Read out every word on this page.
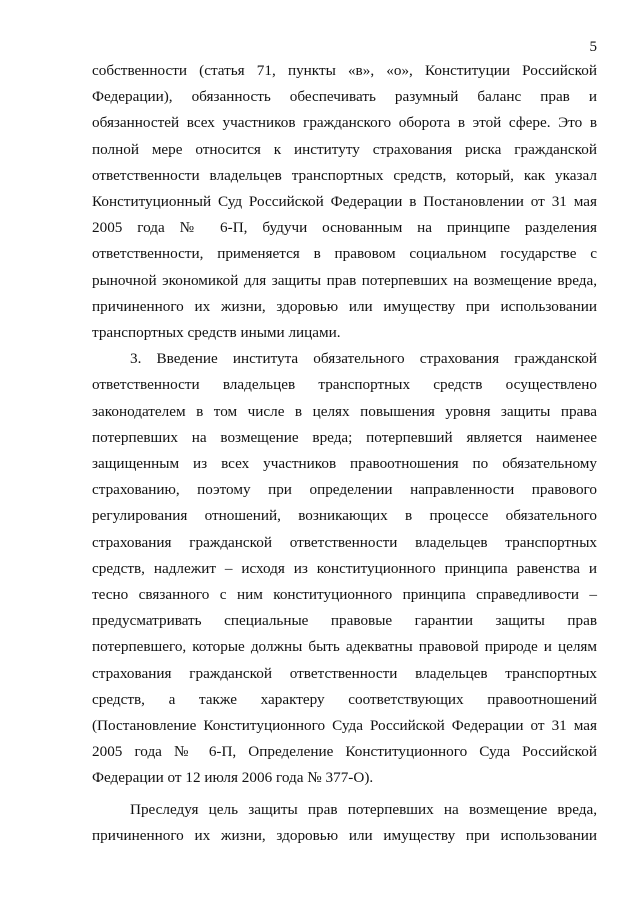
5

собственности (статья 71, пункты «в», «о», Конституции Российской
Федерации), обязанность обеспечивать разумный баланс прав и
обязанностей всех участников гражданского оборота в этой сфере. Это в
полной мере относится к институту страхования риска гражданской
ответственности владельцев транспортных средств, который, как указал
Конституционный Суд Российской Федерации в Постановлении от 31 мая
2005 года № 6-П, будучи основанным на принципе разделения
ответственности, применяется в правовом социальном государстве с
рыночной экономикой для защиты прав потерпевших на возмещение вреда,
причиненного их жизни, здоровью или имуществу при использовании
транспортных средств иными лицами.

3. Введение института обязательного страхования гражданской
ответственности владельцев транспортных средств осуществлено
законодателем в том числе в целях повышения уровня защиты права
потерпевших на возмещение вреда; потерпевший является наименее
защищенным из всех участников правоотношения по обязательному
страхованию, поэтому при определении направленности правового
регулирования отношений, возникающих в процессе обязательного
страхования гражданской ответственности владельцев транспортных
средств, надлежит – исходя из конституционного принципа равенства и
тесно связанного с ним конституционного принципа справедливости –
предусматривать специальные правовые гарантии защиты прав
потерпевшего, которые должны быть адекватны правовой природе и целям
страхования гражданской ответственности владельцев транспортных
средств, а также характеру соответствующих правоотношений
(Постановление Конституционного Суда Российской Федерации от 31 мая
2005 года № 6-П, Определение Конституционного Суда Российской
Федерации от 12 июля 2006 года № 377-О).

Преследуя цель защиты прав потерпевших на возмещение вреда,
причиненного их жизни, здоровью или имуществу при использовании
